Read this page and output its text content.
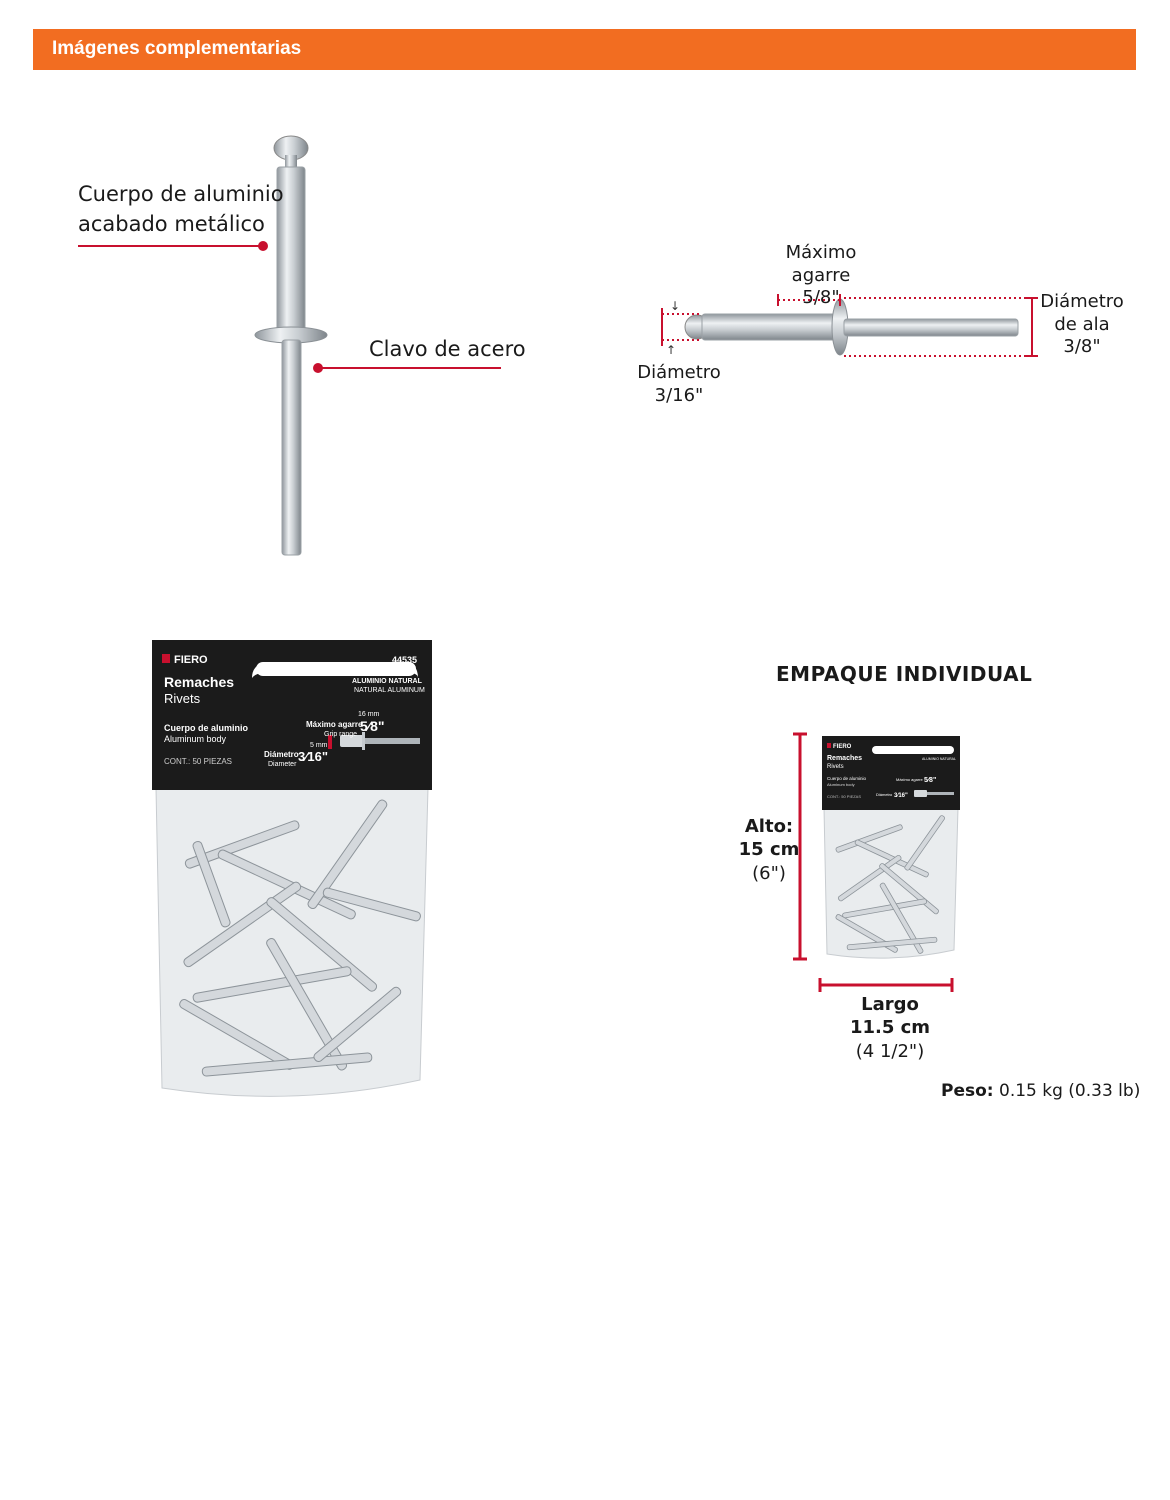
Imágenes complementarias
Cuerpo de aluminio
acabado metálico
Clavo de acero
↓
↑
Máximo agarre
5/8"	Diámetro
de ala
3/8"
Diámetro
3/16"
FIERO	44535
Remaches
Rivets
ALUMINIO NATURAL
NATURAL ALUMINUM
Cuerpo de aluminio
Aluminum body
CONT.: 50 PIEZAS
16 mm
Máximo agarre
Grip range
5⁄8"
5 mm
Diámetro
Diameter
3⁄16"
EMPAQUE INDIVIDUAL
FIERO	44535
Remaches
Rivets
ALUMINIO NATURAL
Cuerpo de aluminio
Aluminum body
CONT.: 50 PIEZAS
Máximo agarre 5⁄8"
Diámetro 3⁄16"
Alto:
15 cm
(6")
Largo
11.5 cm
(4 1/2")
Peso: 0.15 kg (0.33 lb)
